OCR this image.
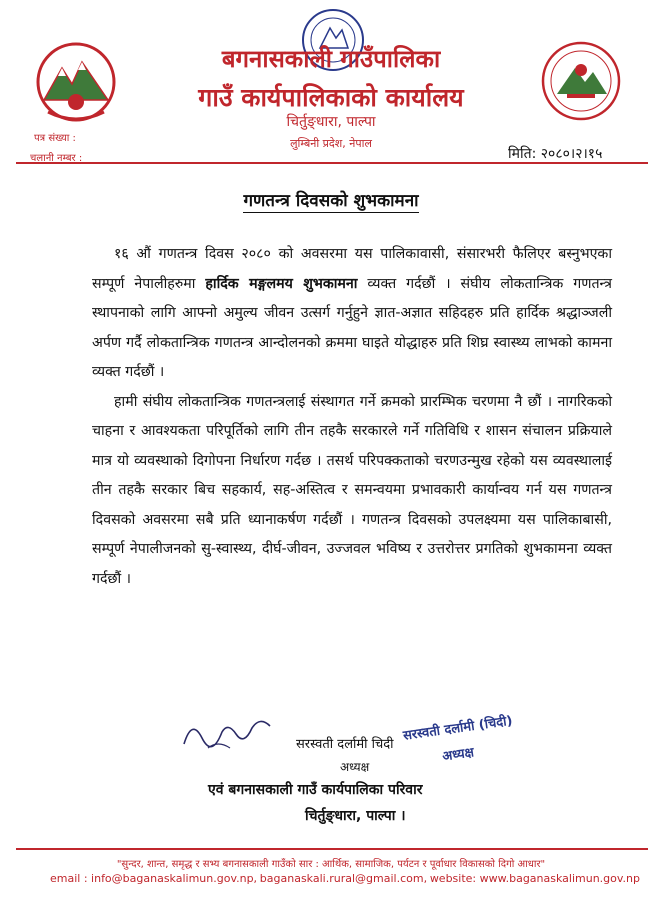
बगनासकाली गाउँपालिका
गाउँ कार्यपालिकाको कार्यालय
चिर्तुङ्धारा, पाल्पा
लुम्बिनी प्रदेश, नेपाल
पत्र संख्या :
चलानी नम्बर :	मिति: २०८०।२।१५
गणतन्त्र दिवसको शुभकामना

१६ औं गणतन्त्र दिवस २०८० को अवसरमा यस पालिकावासी, संसारभरी फैलिएर बस्नुभएका सम्पूर्ण नेपालीहरुमा हार्दिक मङ्गलमय शुभकामना व्यक्त गर्दछौं । संघीय लोकतान्त्रिक गणतन्त्र स्थापनाको लागि आफ्नो अमुल्य जीवन उत्सर्ग गर्नुहुने ज्ञात-अज्ञात सहिदहरु प्रति हार्दिक श्रद्धाञ्जली अर्पण गर्दै लोकतान्त्रिक गणतन्त्र आन्दोलनको क्रममा घाइते योद्धाहरु प्रति शिघ्र स्वास्थ्य लाभको कामना व्यक्त गर्दछौं ।

हामी संघीय लोकतान्त्रिक गणतन्त्रलाई संस्थागत गर्ने क्रमको प्रारम्भिक चरणमा नै छौं । नागरिकको चाहना र आवश्यकता परिपूर्तिको लागि तीन तहकै सरकारले गर्ने गतिविधि र शासन संचालन प्रक्रियाले मात्र यो व्यवस्थाको दिगोपना निर्धारण गर्दछ । तसर्थ परिपक्कताको चरणउन्मुख रहेको यस व्यवस्थालाई तीन तहकै सरकार बिच सहकार्य, सह-अस्तित्व र समन्वयमा प्रभावकारी कार्यान्वय गर्न यस गणतन्त्र दिवसको अवसरमा सबै प्रति ध्यानाकर्षण गर्दछौं । गणतन्त्र दिवसको उपलक्ष्यमा यस पालिकाबासी, सम्पूर्ण नेपालीजनको सु-स्वास्थ्य, दीर्घ-जीवन, उज्जवल भविष्य र उत्तरोत्तर प्रगतिको शुभकामना व्यक्त गर्दछौं ।

सरस्वती दर्लामी (चिदी)
अध्यक्ष
सरस्वती दर्लामी चिदी
अध्यक्ष
एवं बगनासकाली गाउँ कार्यपालिका परिवार
चिर्तुङ्धारा, पाल्पा ।
"सुन्दर, शान्त, समृद्ध र सभ्य बगनासकाली गाउँको सार : आर्थिक, सामाजिक, पर्यटन र पूर्वाधार विकासको दिगो आधार"
email : info@baganaskalimun.gov.np, baganaskali.rural@gmail.com, website: www.baganaskalimun.gov.np
